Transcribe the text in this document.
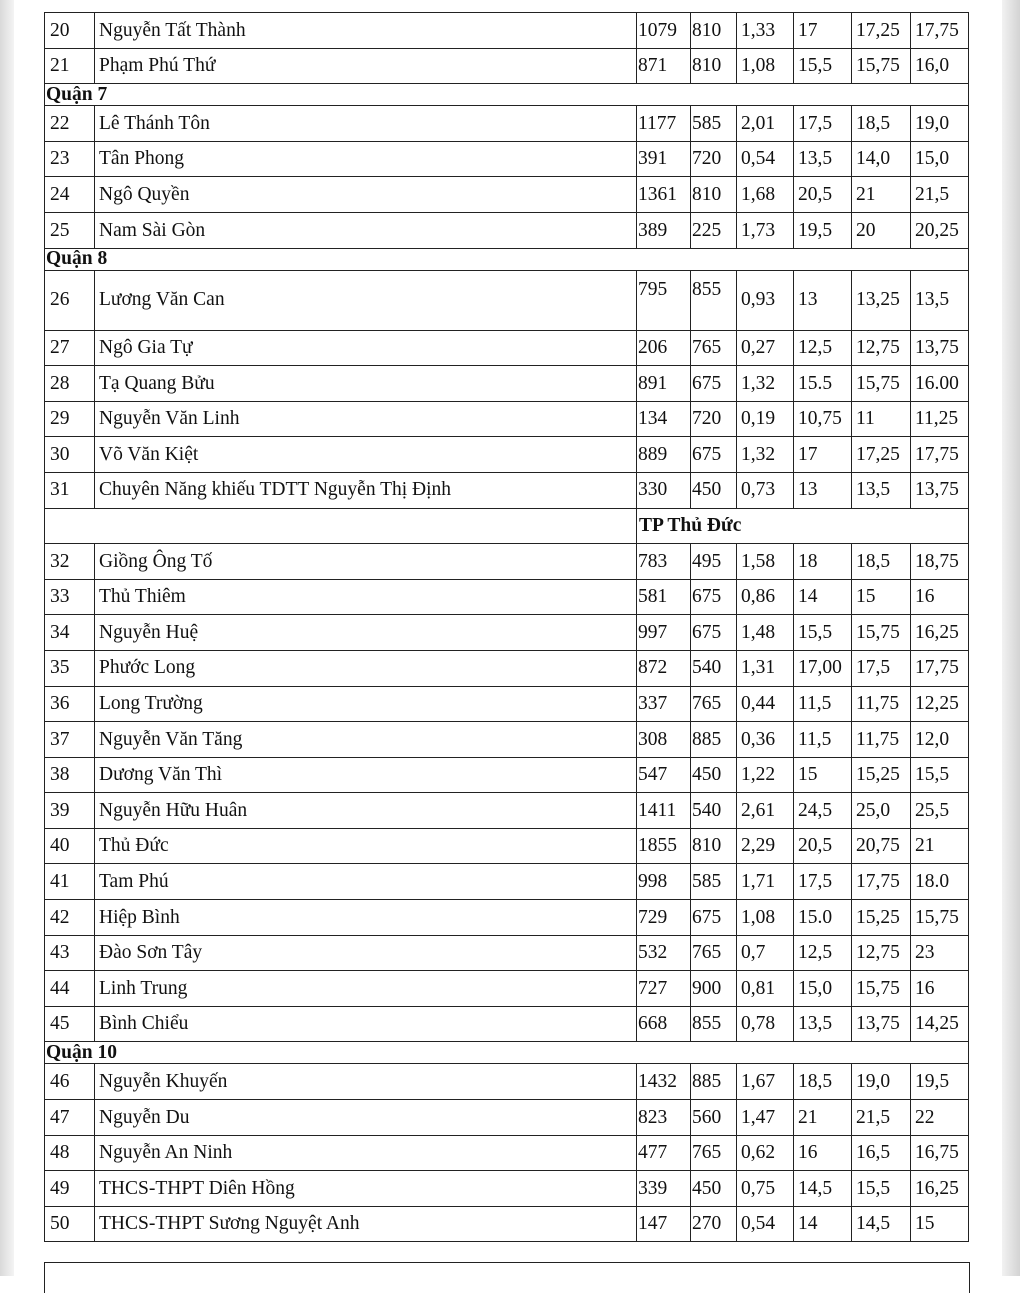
20	Nguyễn Tất Thành	1079	810	1,33	17	17,25	17,75
21	Phạm Phú Thứ	871	810	1,08	15,5	15,75	16,0
Quận 7							
22	Lê Thánh Tôn	1177	585	2,01	17,5	18,5	19,0
23	Tân Phong	391	720	0,54	13,5	14,0	15,0
24	Ngô Quyền	1361	810	1,68	20,5	21	21,5
25	Nam Sài Gòn	389	225	1,73	19,5	20	20,25
Quận 8							
26	Lương Văn Can	795	855	0,93	13	13,25	13,5
27	Ngô Gia Tự	206	765	0,27	12,5	12,75	13,75
28	Tạ Quang Bửu	891	675	1,32	15.5	15,75	16.00
29	Nguyễn Văn Linh	134	720	0,19	10,75	11	11,25
30	Võ Văn Kiệt	889	675	1,32	17	17,25	17,75
31	Chuyên Năng khiếu TDTT Nguyễn Thị Định	330	450	0,73	13	13,5	13,75
		TP Thủ Đức					
32	Giồng Ông Tố	783	495	1,58	18	18,5	18,75
33	Thủ Thiêm	581	675	0,86	14	15	16
34	Nguyễn Huệ	997	675	1,48	15,5	15,75	16,25
35	Phước Long	872	540	1,31	17,00	17,5	17,75
36	Long Trường	337	765	0,44	11,5	11,75	12,25
37	Nguyễn Văn Tăng	308	885	0,36	11,5	11,75	12,0
38	Dương Văn Thì	547	450	1,22	15	15,25	15,5
39	Nguyễn Hữu Huân	1411	540	2,61	24,5	25,0	25,5
40	Thủ Đức	1855	810	2,29	20,5	20,75	21
41	Tam Phú	998	585	1,71	17,5	17,75	18.0
42	Hiệp Bình	729	675	1,08	15.0	15,25	15,75
43	Đào Sơn Tây	532	765	0,7	12,5	12,75	23
44	Linh Trung	727	900	0,81	15,0	15,75	16
45	Bình Chiểu	668	855	0,78	13,5	13,75	14,25
Quận 10							
46	Nguyễn Khuyến	1432	885	1,67	18,5	19,0	19,5
47	Nguyễn Du	823	560	1,47	21	21,5	22
48	Nguyễn An Ninh	477	765	0,62	16	16,5	16,75
49	THCS-THPT Diên Hồng	339	450	0,75	14,5	15,5	16,25
50	THCS-THPT Sương Nguyệt Anh	147	270	0,54	14	14,5	15
